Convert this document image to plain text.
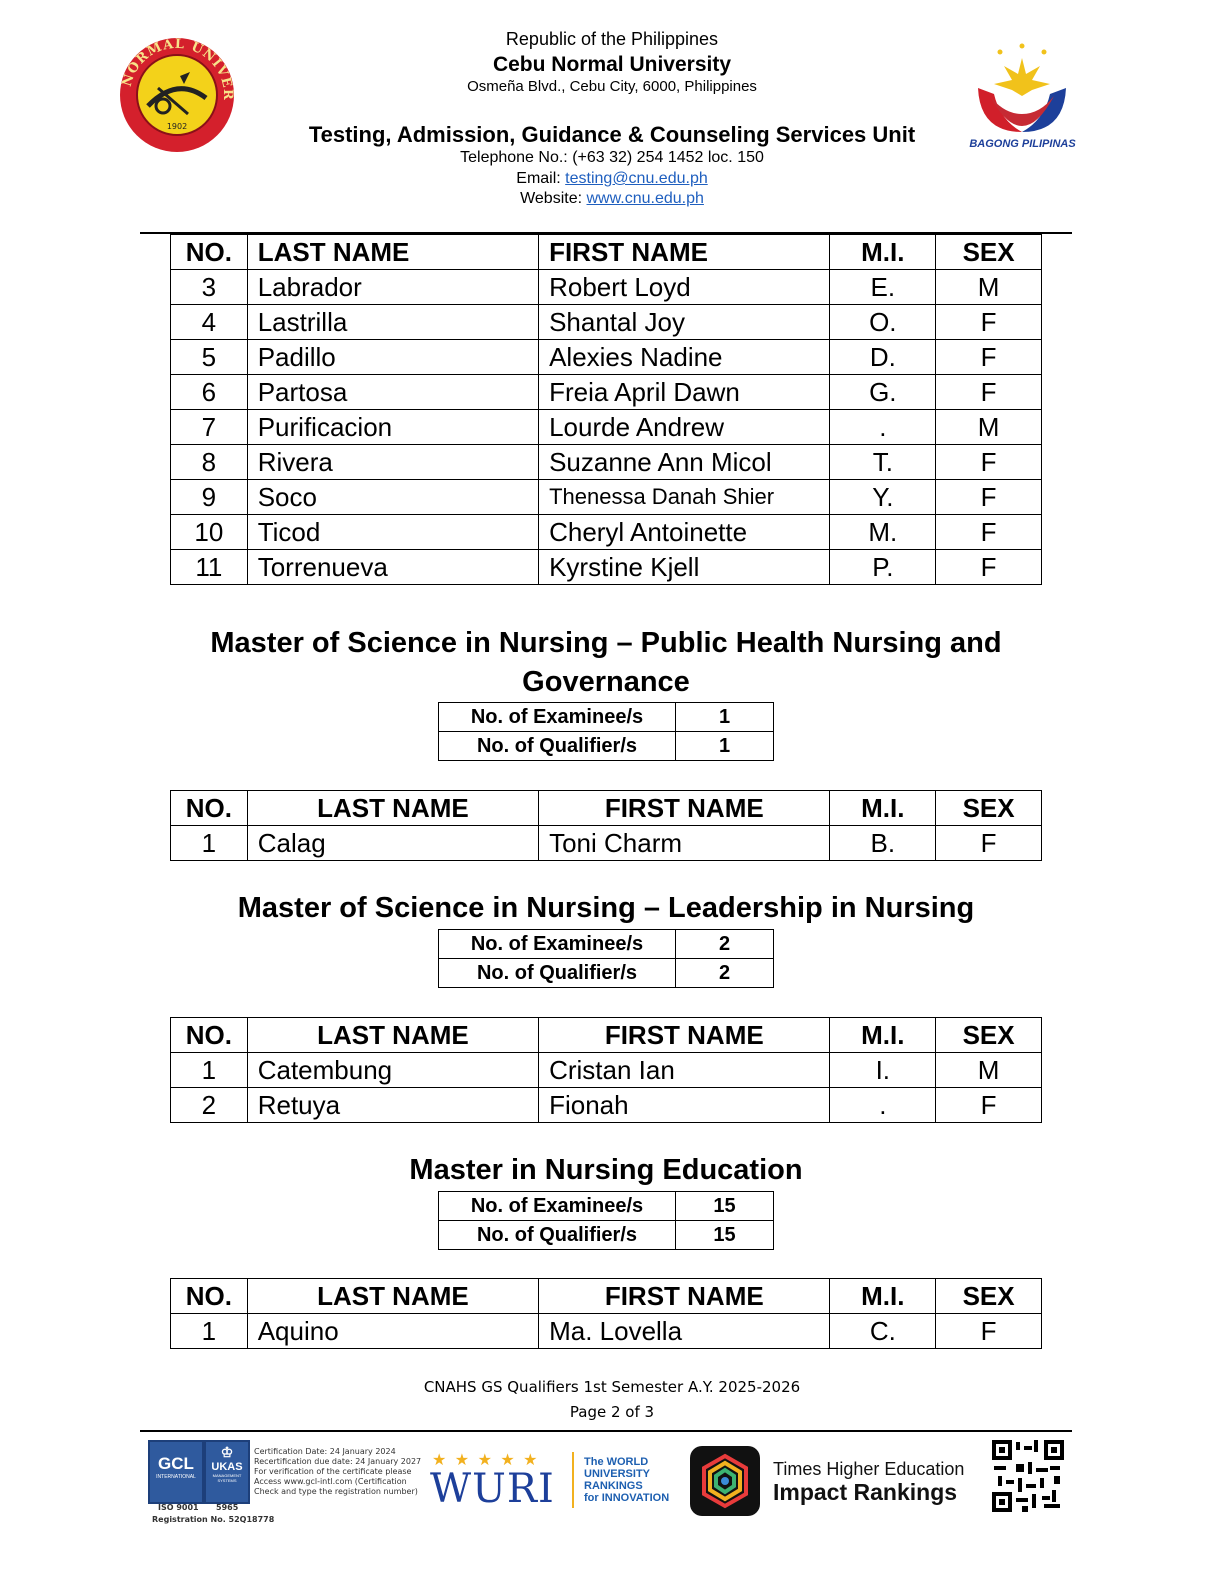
1902
NORMAL UNIVER
BAGONG PILIPINAS
Republic of the Philippines
Cebu Normal University
Osmeña Blvd., Cebu City, 6000, Philippines
Testing, Admission, Guidance & Counseling Services Unit
Telephone No.: (+63 32) 254 1452 loc. 150
Email: testing@cnu.edu.ph
Website: www.cnu.edu.ph
NO.	LAST NAME	FIRST NAME	M.I.	SEX
3	Labrador	Robert Loyd	E.	M
4	Lastrilla	Shantal Joy	O.	F
5	Padillo	Alexies Nadine	D.	F
6	Partosa	Freia April Dawn	G.	F
7	Purificacion	Lourde Andrew	.	M
8	Rivera	Suzanne Ann Micol	T.	F
9	Soco	Thenessa Danah Shier	Y.	F
10	Ticod	Cheryl Antoinette	M.	F
11	Torrenueva	Kyrstine Kjell	P.	F
Master of Science in Nursing – Public Health Nursing and
Governance
No. of Examinee/s	1
No. of Qualifier/s	1
NO.	LAST NAME	FIRST NAME	M.I.	SEX
1	Calag	Toni Charm	B.	F
Master of Science in Nursing – Leadership in Nursing
No. of Examinee/s	2
No. of Qualifier/s	2
NO.	LAST NAME	FIRST NAME	M.I.	SEX
1	Catembung	Cristan Ian	I.	M
2	Retuya	Fionah	.	F
Master in Nursing Education
No. of Examinee/s	15
No. of Qualifier/s	15
NO.	LAST NAME	FIRST NAME	M.I.	SEX
1	Aquino	Ma. Lovella	C.	F
CNAHS GS Qualifiers 1st Semester A.Y. 2025-2026
Page 2 of 3
GCL
INTERNATIONAL
♔
UKAS
MANAGEMENT SYSTEMS
ISO 9001 5965
Registration No. 52Q18778
Certification Date: 24 January 2024
Recertification due date: 24 January 2027
For verification of the certificate please
Access www.gcl-intl.com (Certification
Check and type the registration number)
★ ★ ★ ★ ★
WURI
The WORLD
UNIVERSITY
RANKINGS
for INNOVATION
Times Higher Education
Impact Rankings
